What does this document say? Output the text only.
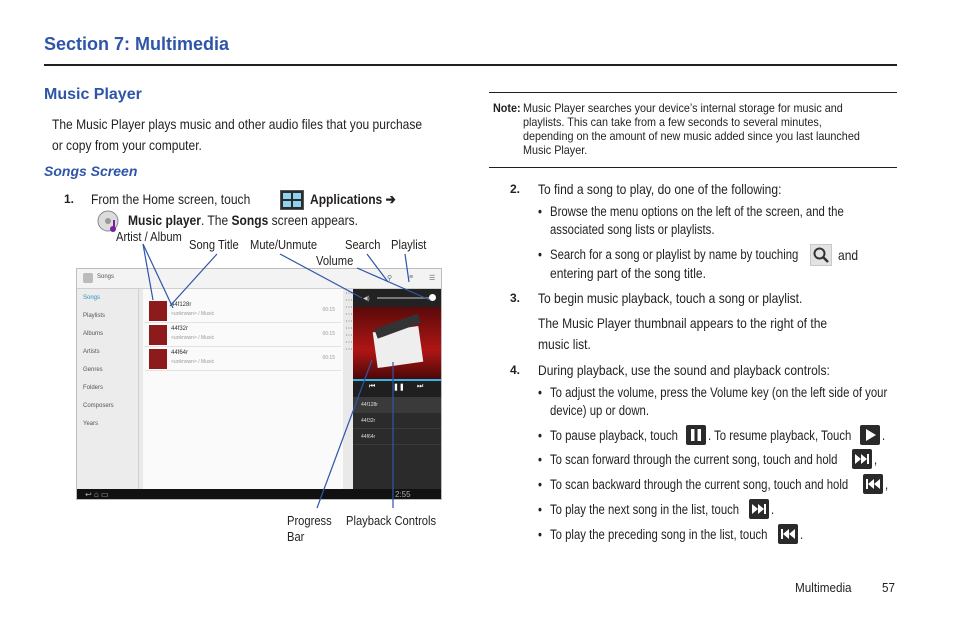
Section 7: Multimedia
Music Player
The Music Player plays music and other audio files that you purchase
or copy from your computer.
Songs Screen
1. From the Home screen, touch	Applications ➔
Music player. The Songs screen appears.
Artist / Album
Song Title Mute/Unmute Search Playlist
Volume
Progress
Bar
Playback Controls
Songs	⚲ ≡ ☰
Songs
Playlists
Albums
Artists
Genres
Folders
Composers
Years
44f128r
<unknown> / Music
00:15
44f32r
<unknown> / Music
00:15
44f64r
<unknown> / Music
00:15
• • • • • • • • • • • • • • • • • • • • • • • • • • •
◀)
⏮	❚❚ ⏭
44f128r
44f32r
44f64r
↩ ⌂ ▭	2:55
Note: Music Player searches your device’s internal storage for music and
playlists. This can take from a few seconds to several minutes,
depending on the amount of new music added since you last launched
Music Player.
2. To find a song to play, do one of the following:
• Browse the menu options on the left of the screen, and the
associated song lists or playlists.
• Search for a song or playlist by name by touching	and
entering part of the song title.
3. To begin music playback, touch a song or playlist.
The Music Player thumbnail appears to the right of the
music list.
4. During playback, use the sound and playback controls:
• To adjust the volume, press the Volume key (on the left side of your
device) up or down.
• To pause playback, touch . To resume playback, Touch .
• To scan forward through the current song, touch and hold	,
• To scan backward through the current song, touch and hold	,
• To play the next song in the list, touch .
• To play the preceding song in the list, touch .
Multimedia 57
